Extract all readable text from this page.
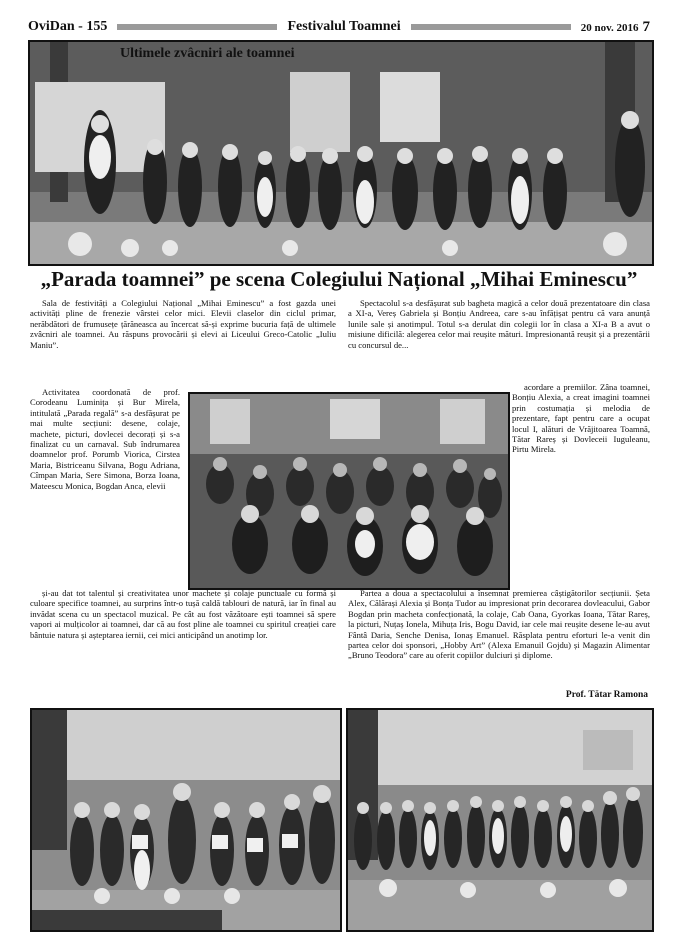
OviDan - 155	Festivalul Toamnei	20 nov. 2016 7
Ultimele zvâcniri ale toamnei
„Parada toamnei” pe scena Colegiului Național „Mihai Eminescu”

Sala de festivități a Colegiului Național „Mihai Eminescu” a fost gazda unei activități pline de frenezie vârstei celor mici. Elevii claselor din ciclul primar, nerăbdători de frumusețe țărăneasca au încercat să-și exprime bucuria față de ultimele zvâcniri ale toamnei. Au răspuns provocării și elevi ai Liceului Greco-Catolic „Iuliu Maniu”.

Activitatea coordonată de prof. Corodeanu Luminița și Bur Mirela, intitulată „Parada regală” s-a desfășurat pe mai multe secțiuni: desene, colaje, machete, picturi, dovlecei decorați și s-a finalizat cu un carnaval. Sub îndrumarea doamnelor prof. Porumb Viorica, Cirstea Maria, Bistriceanu Silvana, Bogu Adriana, Cîmpan Maria, Sere Simona, Borza Ioana, Mateescu Monica, Bogdan Anca, elevii

Spectacolul s-a desfășurat sub bagheta magică a celor două prezentatoare din clasa a XI-a, Vereș Gabriela și Bonțiu Andreea, care s-au înfățișat pentru că vara anunță lunile sale și anotimpul. Totul s-a derulat din colegii lor în clasa a XI-a B a avut o misiune dificilă: alegerea celor mai reușite mături. Impresionantă reușit și a prezentării cu concursul de...

acordare a premiilor. Zâna toamnei, Bonțiu Alexia, a creat imagini toamnei prin costumația și melodia de prezentare, fapt pentru care a ocupat locul I, alături de Vrăjitoarea Toamnă, Tătar Rareș și Dovleceii Iuguleanu, Pirtu Mirela.

și-au dat tot talentul și creativitatea unor machete și colaje punctuale cu formă și culoare specifice toamnei, au surprins într-o tușă caldă tablouri de natură, iar în final au invădat scena cu un spectacol muzical. Pe cât au fost văzătoare ești toamnei să spere vapori ai mulțicolor ai toamnei, dar că au fost pline ale toamnei cu spiritul creației care bântuie natura și așteptarea iernii, cei mici anticipând un anotimp lor.

Partea a doua a spectacolului a însemnat premierea câștigătorilor secțiunii. Șeta Alex, Călărași Alexia și Bonța Tudor au impresionat prin decorarea dovleacului, Gabor Bogdan prin macheta confecționată, la colaje, Cab Oana, Gyorkas Ioana, Tătar Rareș, la picturi, Nuțaș Ionela, Mihuța Iris, Bogu David, iar cele mai reușite desene le-au avut Fântâ Daria, Senche Denisa, Ionaș Emanuel. Răsplata pentru eforturi le-a venit din partea celor doi sponsori, „Hobby Art” (Alexa Emanuil Gojdu) și Magazin Alimentar „Bruno Teodora” care au oferit copiilor dulciuri și diplome.

Prof. Tătar Ramona
